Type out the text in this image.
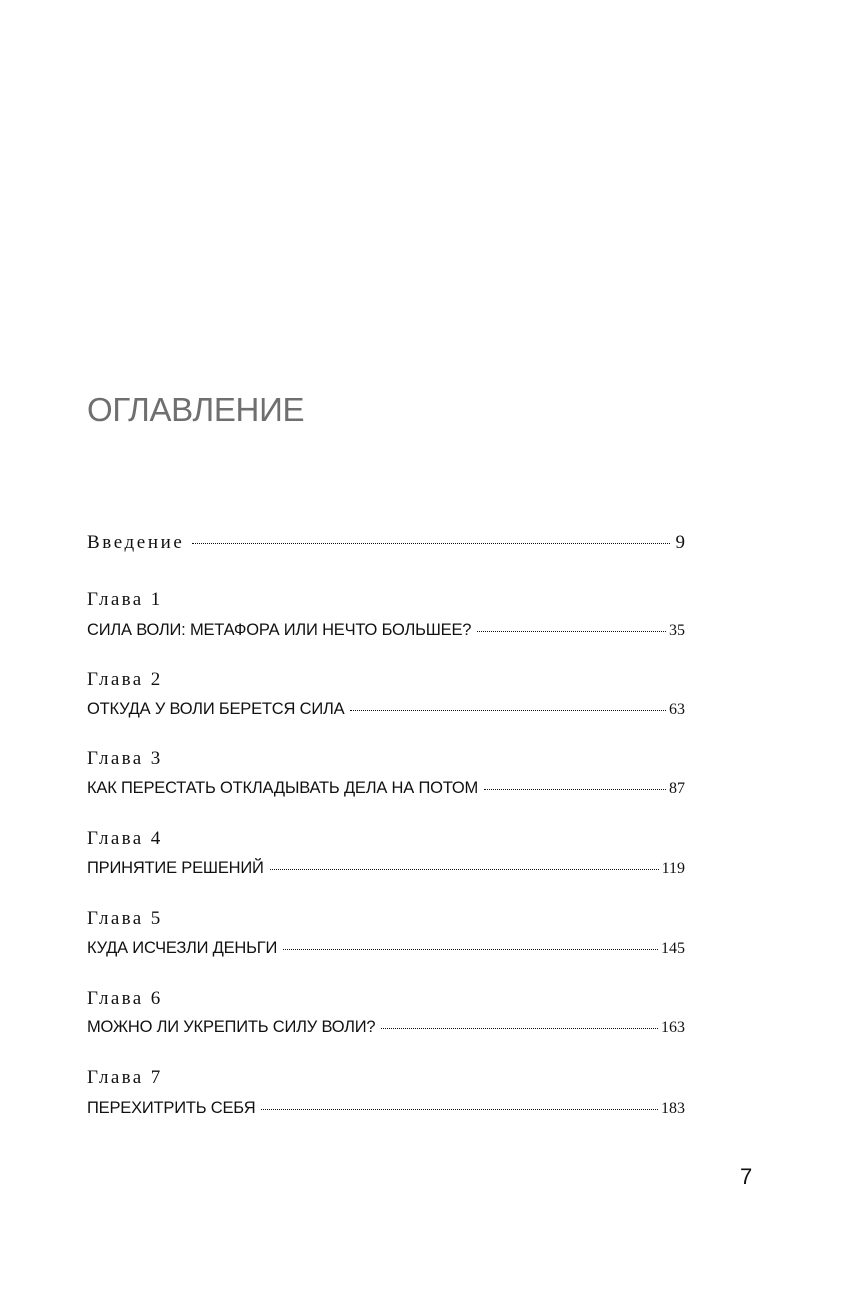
ОГЛАВЛЕНИЕ
Введение	9
Глава 1
СИЛА ВОЛИ: МЕТАФОРА ИЛИ НЕЧТО БОЛЬШЕЕ?	35
Глава 2
ОТКУДА У ВОЛИ БЕРЕТСЯ СИЛА	63
Глава 3
КАК ПЕРЕСТАТЬ ОТКЛАДЫВАТЬ ДЕЛА НА ПОТОМ	87
Глава 4
ПРИНЯТИЕ РЕШЕНИЙ	119
Глава 5
КУДА ИСЧЕЗЛИ ДЕНЬГИ	145
Глава 6
МОЖНО ЛИ УКРЕПИТЬ СИЛУ ВОЛИ?	163
Глава 7
ПЕРЕХИТРИТЬ СЕБЯ	183
7
